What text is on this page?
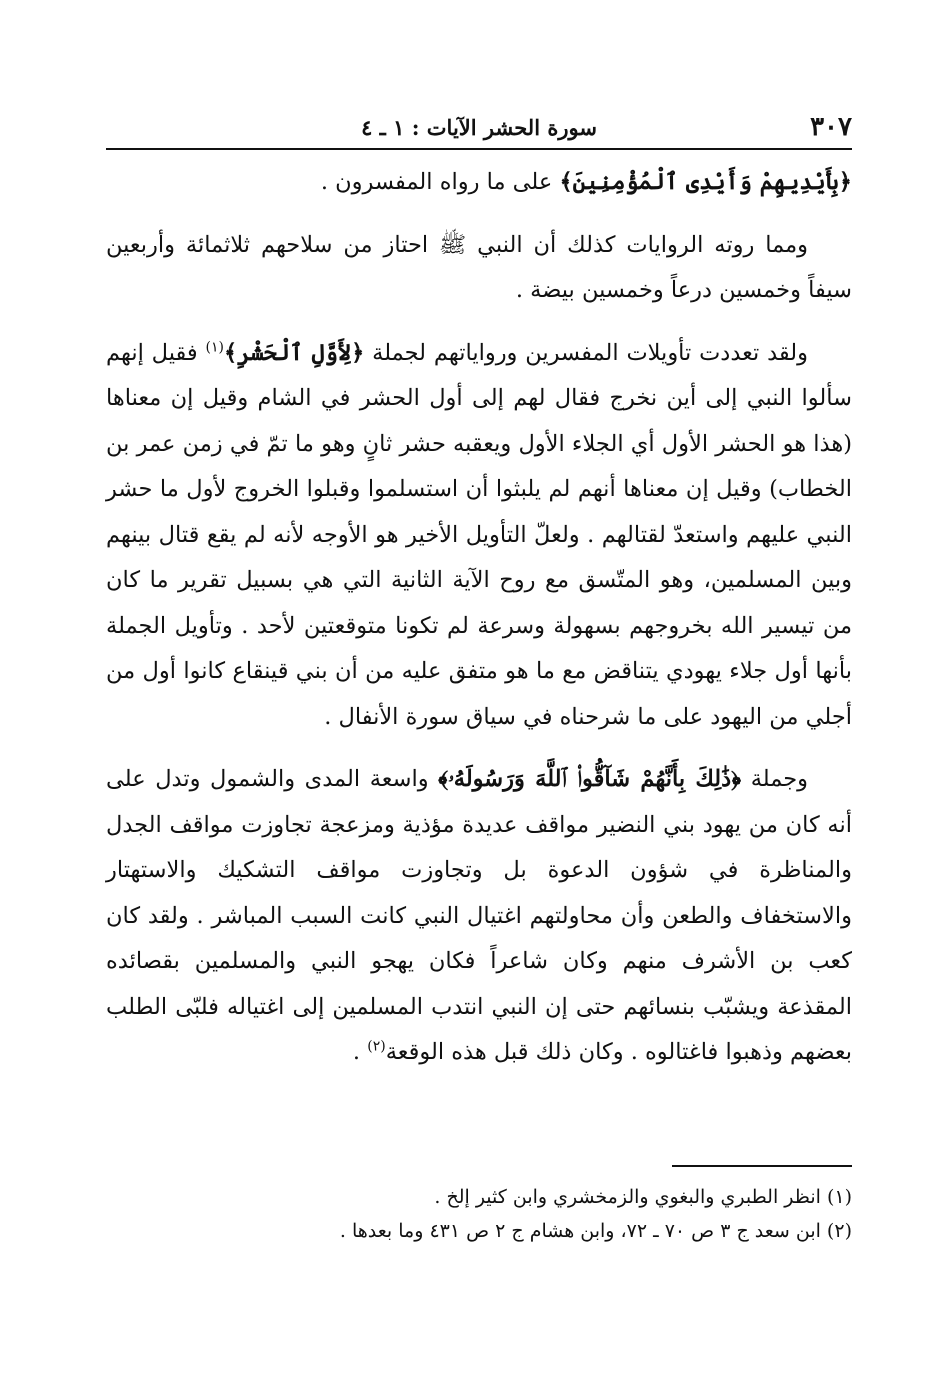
٣٠٧
سورة الحشر الآيات : ١ ـ ٤

﴿بِأَيْدِيهِمْ وَأَيْدِى ٱلْمُؤْمِنِينَ﴾ على ما رواه المفسرون .

ومما روته الروايات كذلك أن النبي ﷺ احتاز من سلاحهم ثلاثمائة وأربعين سيفاً وخمسين درعاً وخمسين بيضة .

ولقد تعددت تأويلات المفسرين ورواياتهم لجملة ﴿لِأَوَّلِ ٱلْحَشْرِ﴾$^{(١)}$ فقيل إنهم سألوا النبي إلى أين نخرج فقال لهم إلى أول الحشر في الشام وقيل إن معناها (هذا هو الحشر الأول أي الجلاء الأول ويعقبه حشر ثانٍ وهو ما تمّ في زمن عمر بن الخطاب) وقيل إن معناها أنهم لم يلبثوا أن استسلموا وقبلوا الخروج لأول ما حشر النبي عليهم واستعدّ لقتالهم . ولعلّ التأويل الأخير هو الأوجه لأنه لم يقع قتال بينهم وبين المسلمين، وهو المتّسق مع روح الآية الثانية التي هي بسبيل تقرير ما كان من تيسير الله بخروجهم بسهولة وسرعة لم تكونا متوقعتين لأحد . وتأويل الجملة بأنها أول جلاء يهودي يتناقض مع ما هو متفق عليه من أن بني قينقاع كانوا أول من أجلي من اليهود على ما شرحناه في سياق سورة الأنفال .

وجملة ﴿ذَٰلِكَ بِأَنَّهُمْ شَآقُّوا۟ ٱللَّهَ وَرَسُولَهُۥ﴾ واسعة المدى والشمول وتدل على أنه كان من يهود بني النضير مواقف عديدة مؤذية ومزعجة تجاوزت مواقف الجدل والمناظرة في شؤون الدعوة بل وتجاوزت مواقف التشكيك والاستهتار والاستخفاف والطعن وأن محاولتهم اغتيال النبي كانت السبب المباشر . ولقد كان كعب بن الأشرف منهم وكان شاعراً فكان يهجو النبي والمسلمين بقصائده المقذعة ويشبّب بنسائهم حتى إن النبي انتدب المسلمين إلى اغتياله فلبّى الطلب بعضهم وذهبوا فاغتالوه . وكان ذلك قبل هذه الوقعة$^{(٢)}$ .

(١) انظر الطبري والبغوي والزمخشري وابن كثير إلخ .

(٢) ابن سعد ج ٣ ص ٧٠ ـ ٧٢، وابن هشام ج ٢ ص ٤٣١ وما بعدها .
